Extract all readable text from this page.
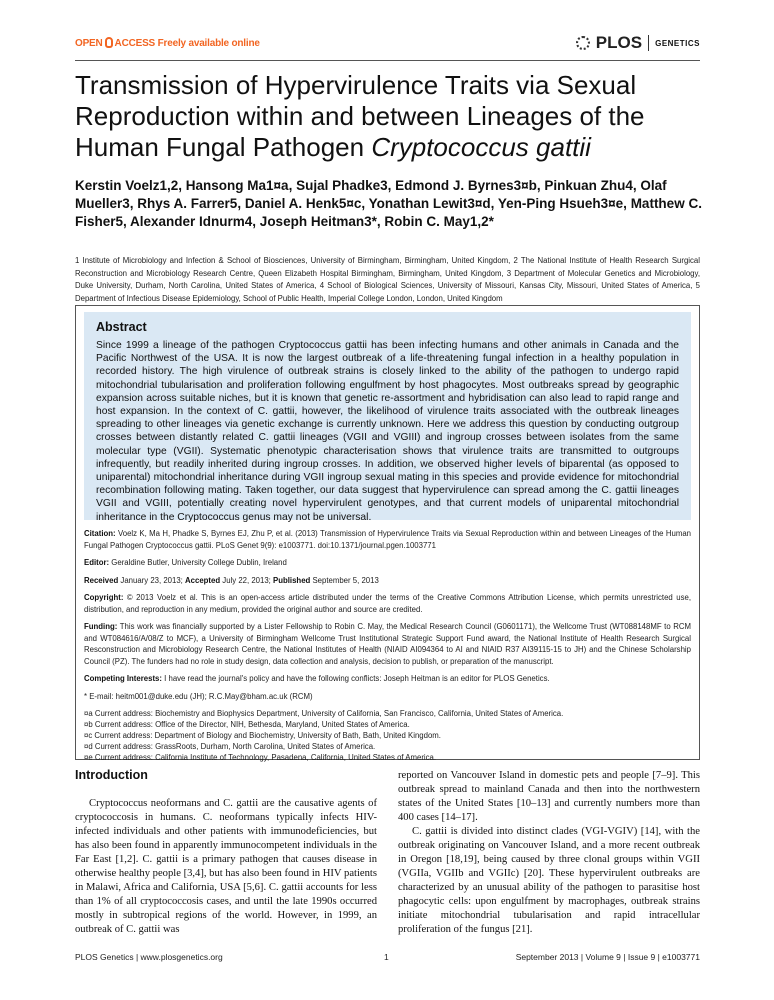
OPEN ACCESS Freely available online	PLOS GENETICS
Transmission of Hypervirulence Traits via Sexual Reproduction within and between Lineages of the Human Fungal Pathogen Cryptococcus gattii
Kerstin Voelz1,2, Hansong Ma1¤a, Sujal Phadke3, Edmond J. Byrnes3¤b, Pinkuan Zhu4, Olaf Mueller3, Rhys A. Farrer5, Daniel A. Henk5¤c, Yonathan Lewit3¤d, Yen-Ping Hsueh3¤e, Matthew C. Fisher5, Alexander Idnurm4, Joseph Heitman3*, Robin C. May1,2*
1 Institute of Microbiology and Infection & School of Biosciences, University of Birmingham, Birmingham, United Kingdom, 2 The National Institute of Health Research Surgical Reconstruction and Microbiology Research Centre, Queen Elizabeth Hospital Birmingham, Birmingham, United Kingdom, 3 Department of Molecular Genetics and Microbiology, Duke University, Durham, North Carolina, United States of America, 4 School of Biological Sciences, University of Missouri, Kansas City, Missouri, United States of America, 5 Department of Infectious Disease Epidemiology, School of Public Health, Imperial College London, London, United Kingdom
Abstract

Since 1999 a lineage of the pathogen Cryptococcus gattii has been infecting humans and other animals in Canada and the Pacific Northwest of the USA. It is now the largest outbreak of a life-threatening fungal infection in a healthy population in recorded history. The high virulence of outbreak strains is closely linked to the ability of the pathogen to undergo rapid mitochondrial tubularisation and proliferation following engulfment by host phagocytes. Most outbreaks spread by geographic expansion across suitable niches, but it is known that genetic re-assortment and hybridisation can also lead to rapid range and host expansion. In the context of C. gattii, however, the likelihood of virulence traits associated with the outbreak lineages spreading to other lineages via genetic exchange is currently unknown. Here we address this question by conducting outgroup crosses between distantly related C. gattii lineages (VGII and VGIII) and ingroup crosses between isolates from the same molecular type (VGII). Systematic phenotypic characterisation shows that virulence traits are transmitted to outgroups infrequently, but readily inherited during ingroup crosses. In addition, we observed higher levels of biparental (as opposed to uniparental) mitochondrial inheritance during VGII ingroup sexual mating in this species and provide evidence for mitochondrial recombination following mating. Taken together, our data suggest that hypervirulence can spread among the C. gattii lineages VGII and VGIII, potentially creating novel hypervirulent genotypes, and that current models of uniparental mitochondrial inheritance in the Cryptococcus genus may not be universal.

Citation: Voelz K, Ma H, Phadke S, Byrnes EJ, Zhu P, et al. (2013) Transmission of Hypervirulence Traits via Sexual Reproduction within and between Lineages of the Human Fungal Pathogen Cryptococcus gattii. PLoS Genet 9(9): e1003771. doi:10.1371/journal.pgen.1003771

Editor: Geraldine Butler, University College Dublin, Ireland

Received January 23, 2013; Accepted July 22, 2013; Published September 5, 2013

Copyright: © 2013 Voelz et al. This is an open-access article distributed under the terms of the Creative Commons Attribution License, which permits unrestricted use, distribution, and reproduction in any medium, provided the original author and source are credited.

Funding: This work was financially supported by a Lister Fellowship to Robin C. May, the Medical Research Council (G0601171), the Wellcome Trust (WT088148MF to RCM and WT084616/A/08/Z to MCF), a University of Birmingham Wellcome Trust Institutional Strategic Support Fund award, the National Institute of Health Research Surgical Resconstruction and Microbiology Research Centre, the National Institutes of Health (NIAID AI094364 to AI and NIAID R37 AI39115-15 to JH) and the Chinese Scholarship Council (PZ). The funders had no role in study design, data collection and analysis, decision to publish, or preparation of the manuscript.

Competing Interests: I have read the journal's policy and have the following conflicts: Joseph Heitman is an editor for PLOS Genetics.

* E-mail: heitm001@duke.edu (JH); R.C.May@bham.ac.uk (RCM)

¤a Current address: Biochemistry and Biophysics Department, University of California, San Francisco, California, United States of America.

¤b Current address: Office of the Director, NIH, Bethesda, Maryland, United States of America.

¤c Current address: Department of Biology and Biochemistry, University of Bath, Bath, United Kingdom.

¤d Current address: GrassRoots, Durham, North Carolina, United States of America.

¤e Current address: California Institute of Technology, Pasadena, California, United States of America.

Introduction

Cryptococcus neoformans and C. gattii are the causative agents of cryptococcosis in humans. C. neoformans typically infects HIV-infected individuals and other patients with immunodeficiencies, but has also been found in apparently immunocompetent individuals in the Far East [1,2]. C. gattii is a primary pathogen that causes disease in otherwise healthy people [3,4], but has also been found in HIV patients in Malawi, Africa and California, USA [5,6]. C. gattii accounts for less than 1% of all cryptococcosis cases, and until the late 1990s occurred mostly in subtropical regions of the world. However, in 1999, an outbreak of C. gattii was

reported on Vancouver Island in domestic pets and people [7–9]. This outbreak spread to mainland Canada and then into the northwestern states of the United States [10–13] and currently numbers more than 400 cases [14–17].

C. gattii is divided into distinct clades (VGI-VGIV) [14], with the outbreak originating on Vancouver Island, and a more recent outbreak in Oregon [18,19], being caused by three clonal groups within VGII (VGIIa, VGIIb and VGIIc) [20]. These hypervirulent outbreaks are characterized by an unusual ability of the pathogen to parasitise host phagocytic cells: upon engulfment by macrophages, outbreak strains initiate mitochondrial tubularisation and rapid intracellular proliferation of the fungus [21].

PLOS Genetics | www.plosgenetics.org	1	September 2013 | Volume 9 | Issue 9 | e1003771
